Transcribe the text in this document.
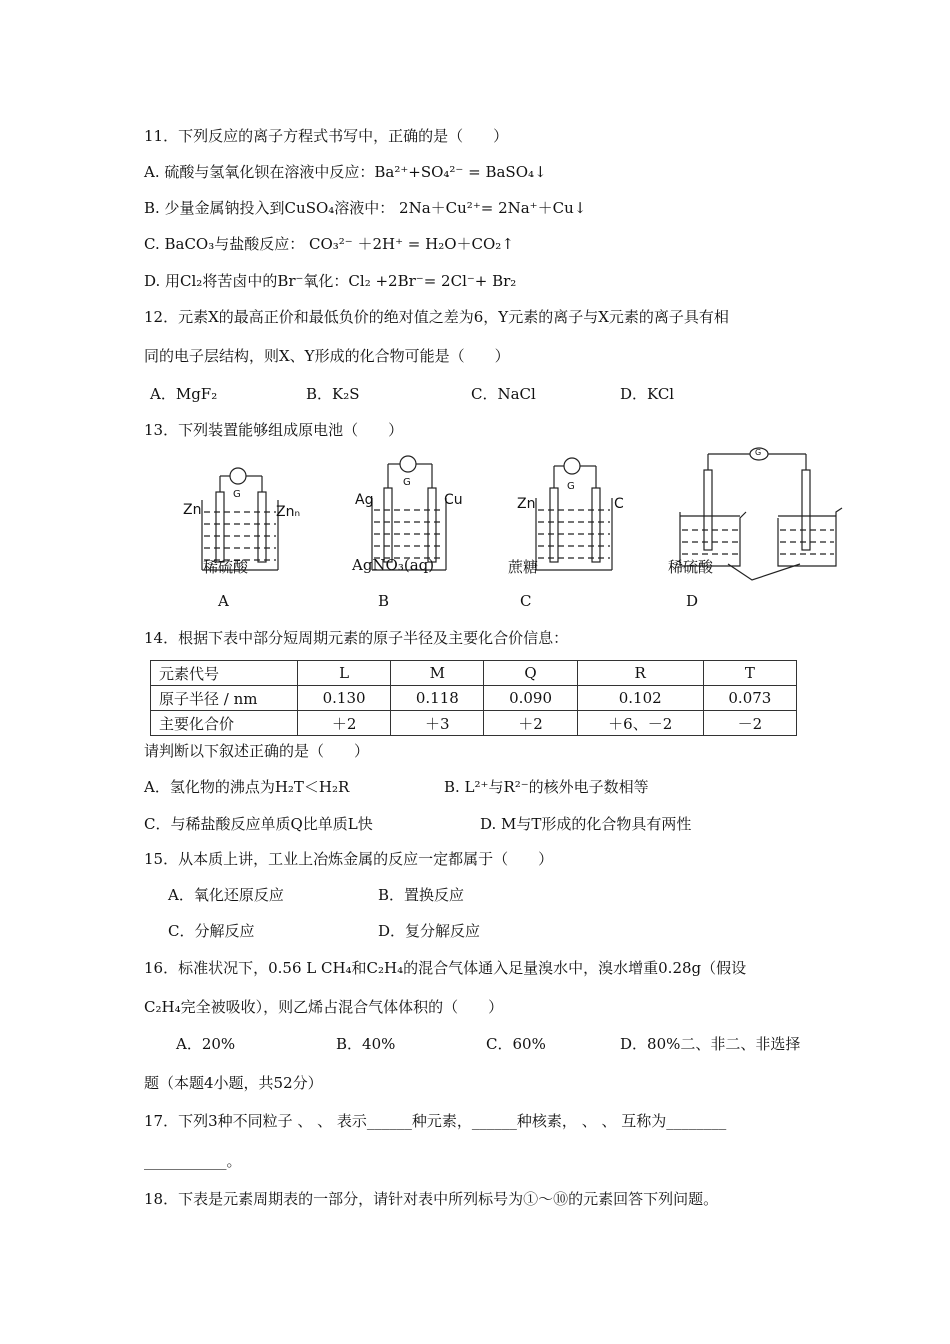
11．下列反应的离子方程式书写中，正确的是（　　）
A. 硫酸与氢氧化钡在溶液中反应：Ba²⁺+SO₄²⁻ = BaSO₄↓
B. 少量金属钠投入到CuSO₄溶液中： 2Na＋Cu²⁺= 2Na⁺＋Cu↓
C. BaCO₃与盐酸反应： CO₃²⁻ ＋2H⁺ = H₂O＋CO₂↑
D. 用Cl₂将苦卤中的Br⁻氧化：Cl₂ +2Br⁻= 2Cl⁻+ Br₂
12．元素X的最高正价和最低负价的绝对值之差为6，Y元素的离子与X元素的离子具有相
同的电子层结构，则X、Y形成的化合物可能是（　　）
A．MgF₂	B．K₂S	C．NaCl	D．KCl
13．下列装置能够组成原电池（　　）
Zn	Znₙ
G
稀硫酸
A
Ag	Cu
G
AgNO₃(aq)
B
Zn	C
G
蔗糖
C
G
稀硫酸
D
14．根据下表中部分短周期元素的原子半径及主要化合价信息：
元素代号	L	M	Q	R	T
原子半径 / nm	0.130	0.118	0.090	0.102	0.073
主要化合价	＋2	＋3	＋2	＋6、－2	－2
请判断以下叙述正确的是（　　）
A．氢化物的沸点为H₂T＜H₂R	B. L²⁺与R²⁻的核外电子数相等
C．与稀盐酸反应单质Q比单质L快	D. M与T形成的化合物具有两性
15．从本质上讲，工业上冶炼金属的反应一定都属于（　　）
A．氧化还原反应	B．置换反应
C．分解反应	D．复分解反应
16．标准状况下，0.56 L CH₄和C₂H₄的混合气体通入足量溴水中，溴水增重0.28g（假设
C₂H₄完全被吸收），则乙烯占混合气体体积的（　　）
A．20%	B．40%	C．60%	D．80%二、非二、非选择
题（本题4小题，共52分）
17．下列3种不同粒子 、 、 表示______种元素，______种核素， 、 、 互称为________
___________。
18．下表是元素周期表的一部分，请针对表中所列标号为①～⑩的元素回答下列问题。
